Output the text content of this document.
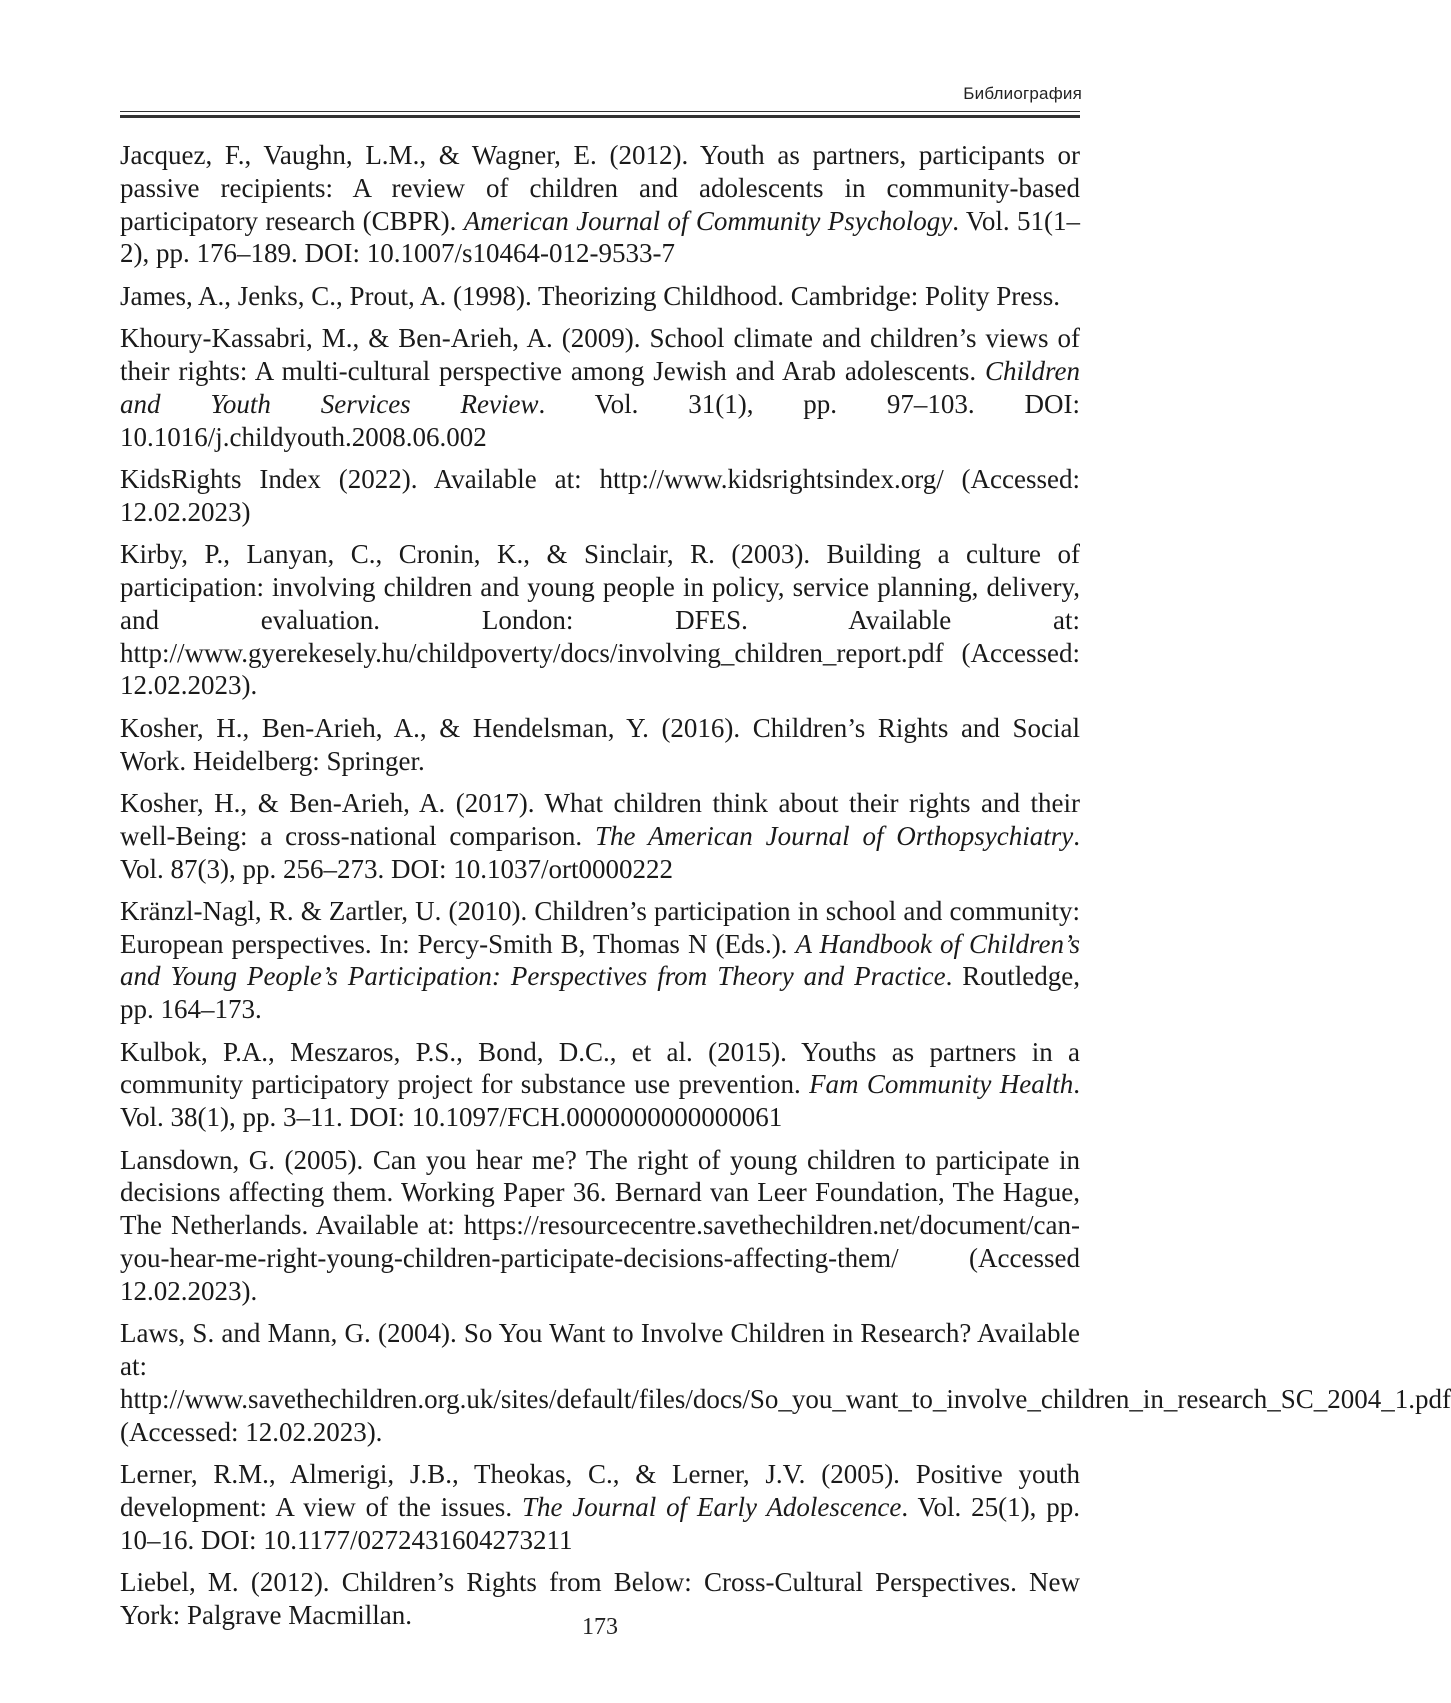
Библиография
Jacquez, F., Vaughn, L.M., & Wagner, E. (2012). Youth as partners, participants or passive recipients: A review of children and adolescents in community-based participatory research (CBPR). American Journal of Community Psychology. Vol. 51(1–2), pp. 176–189. DOI: 10.1007/s10464-012-9533-7
James, A., Jenks, C., Prout, A. (1998). Theorizing Childhood. Cambridge: Polity Press.
Khoury-Kassabri, M., & Ben-Arieh, A. (2009). School climate and children’s views of their rights: A multi-cultural perspective among Jewish and Arab adolescents. Children and Youth Services Review. Vol. 31(1), pp. 97–103. DOI: 10.1016/j.childyouth.2008.06.002
KidsRights Index (2022). Available at: http://www.kidsrightsindex.org/ (Accessed: 12.02.2023)
Kirby, P., Lanyan, C., Cronin, K., & Sinclair, R. (2003). Building a culture of participation: involving children and young people in policy, service planning, delivery, and evaluation. London: DFES. Available at: http://www.gyerekesely.hu/childpoverty/docs/involving_children_report.pdf (Accessed: 12.02.2023).
Kosher, H., Ben-Arieh, A., & Hendelsman, Y. (2016). Children’s Rights and Social Work. Heidelberg: Springer.
Kosher, H., & Ben-Arieh, A. (2017). What children think about their rights and their well-Being: a cross-national comparison. The American Journal of Orthopsychiatry. Vol. 87(3), pp. 256–273. DOI: 10.1037/ort0000222
Kränzl-Nagl, R. & Zartler, U. (2010). Children’s participation in school and community: European perspectives. In: Percy-Smith B, Thomas N (Eds.). A Handbook of Children’s and Young People’s Participation: Perspectives from Theory and Practice. Routledge, pp. 164–173.
Kulbok, P.A., Meszaros, P.S., Bond, D.C., et al. (2015). Youths as partners in a community participatory project for substance use prevention. Fam Community Health. Vol. 38(1), pp. 3–11. DOI: 10.1097/FCH.0000000000000061
Lansdown, G. (2005). Can you hear me? The right of young children to participate in decisions affecting them. Working Paper 36. Bernard van Leer Foundation, The Hague, The Netherlands. Available at: https://resourcecentre.savethechildren.net/document/can-you-hear-me-right-young-children-participate-decisions-affecting-them/ (Accessed 12.02.2023).
Laws, S. and Mann, G. (2004). So You Want to Involve Children in Research? Available at: http://www.savethechildren.org.uk/sites/default/files/docs/So_you_want_to_involve_children_in_research_SC_2004_1.pdf (Accessed: 12.02.2023).
Lerner, R.M., Almerigi, J.B., Theokas, C., & Lerner, J.V. (2005). Positive youth development: A view of the issues. The Journal of Early Adolescence. Vol. 25(1), pp. 10–16. DOI: 10.1177/0272431604273211
Liebel, M. (2012). Children’s Rights from Below: Cross-Cultural Perspectives. New York: Palgrave Macmillan.	173
